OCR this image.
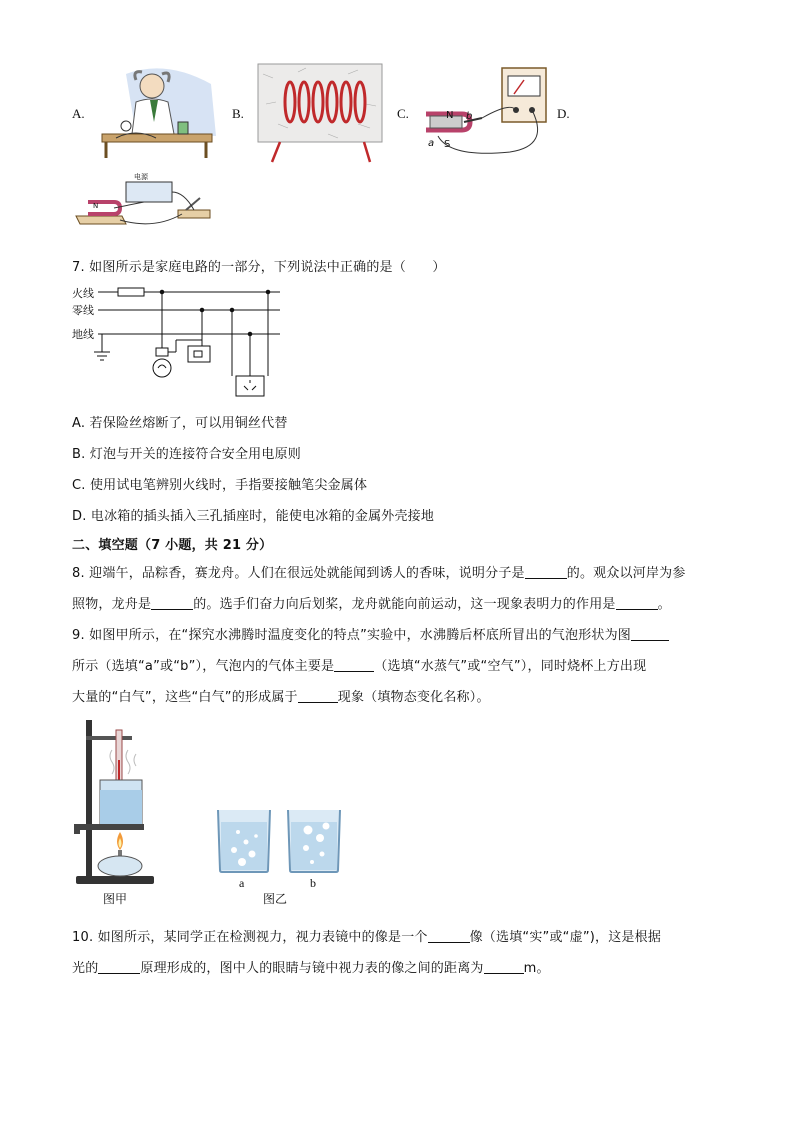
A.	B.	C.	N
S
a
b	D.
电源
N
7. 如图所示是家庭电路的一部分，下列说法中正确的是（　　）
火线
零线
地线
A. 若保险丝熔断了，可以用铜丝代替
B. 灯泡与开关的连接符合安全用电原则
C. 使用试电笔辨别火线时，手指要接触笔尖金属体
D. 电冰箱的插头插入三孔插座时，能使电冰箱的金属外壳接地
二、填空题（7 小题，共 21 分）
8. 迎端午，品粽香，赛龙舟。人们在很远处就能闻到诱人的香味，说明分子是	的。观众以河岸为参
照物，龙舟是	的。选手们奋力向后划桨，龙舟就能向前运动，这一现象表明力的作用是	。
9. 如图甲所示，在“探究水沸腾时温度变化的特点”实验中，水沸腾后杯底所冒出的气泡形状为图
所示（选填“a”或“b”），气泡内的气体主要是	（选填“水蒸气”或“空气”），同时烧杯上方出现
大量的“白气”，这些“白气”的形成属于	现象（填物态变化名称）。
图甲
a	b
图乙
10. 如图所示，某同学正在检测视力，视力表镜中的像是一个	像（选填“实”或“虚”)，这是根据
光的	原理形成的，图中人的眼睛与镜中视力表的像之间的距离为	m。
